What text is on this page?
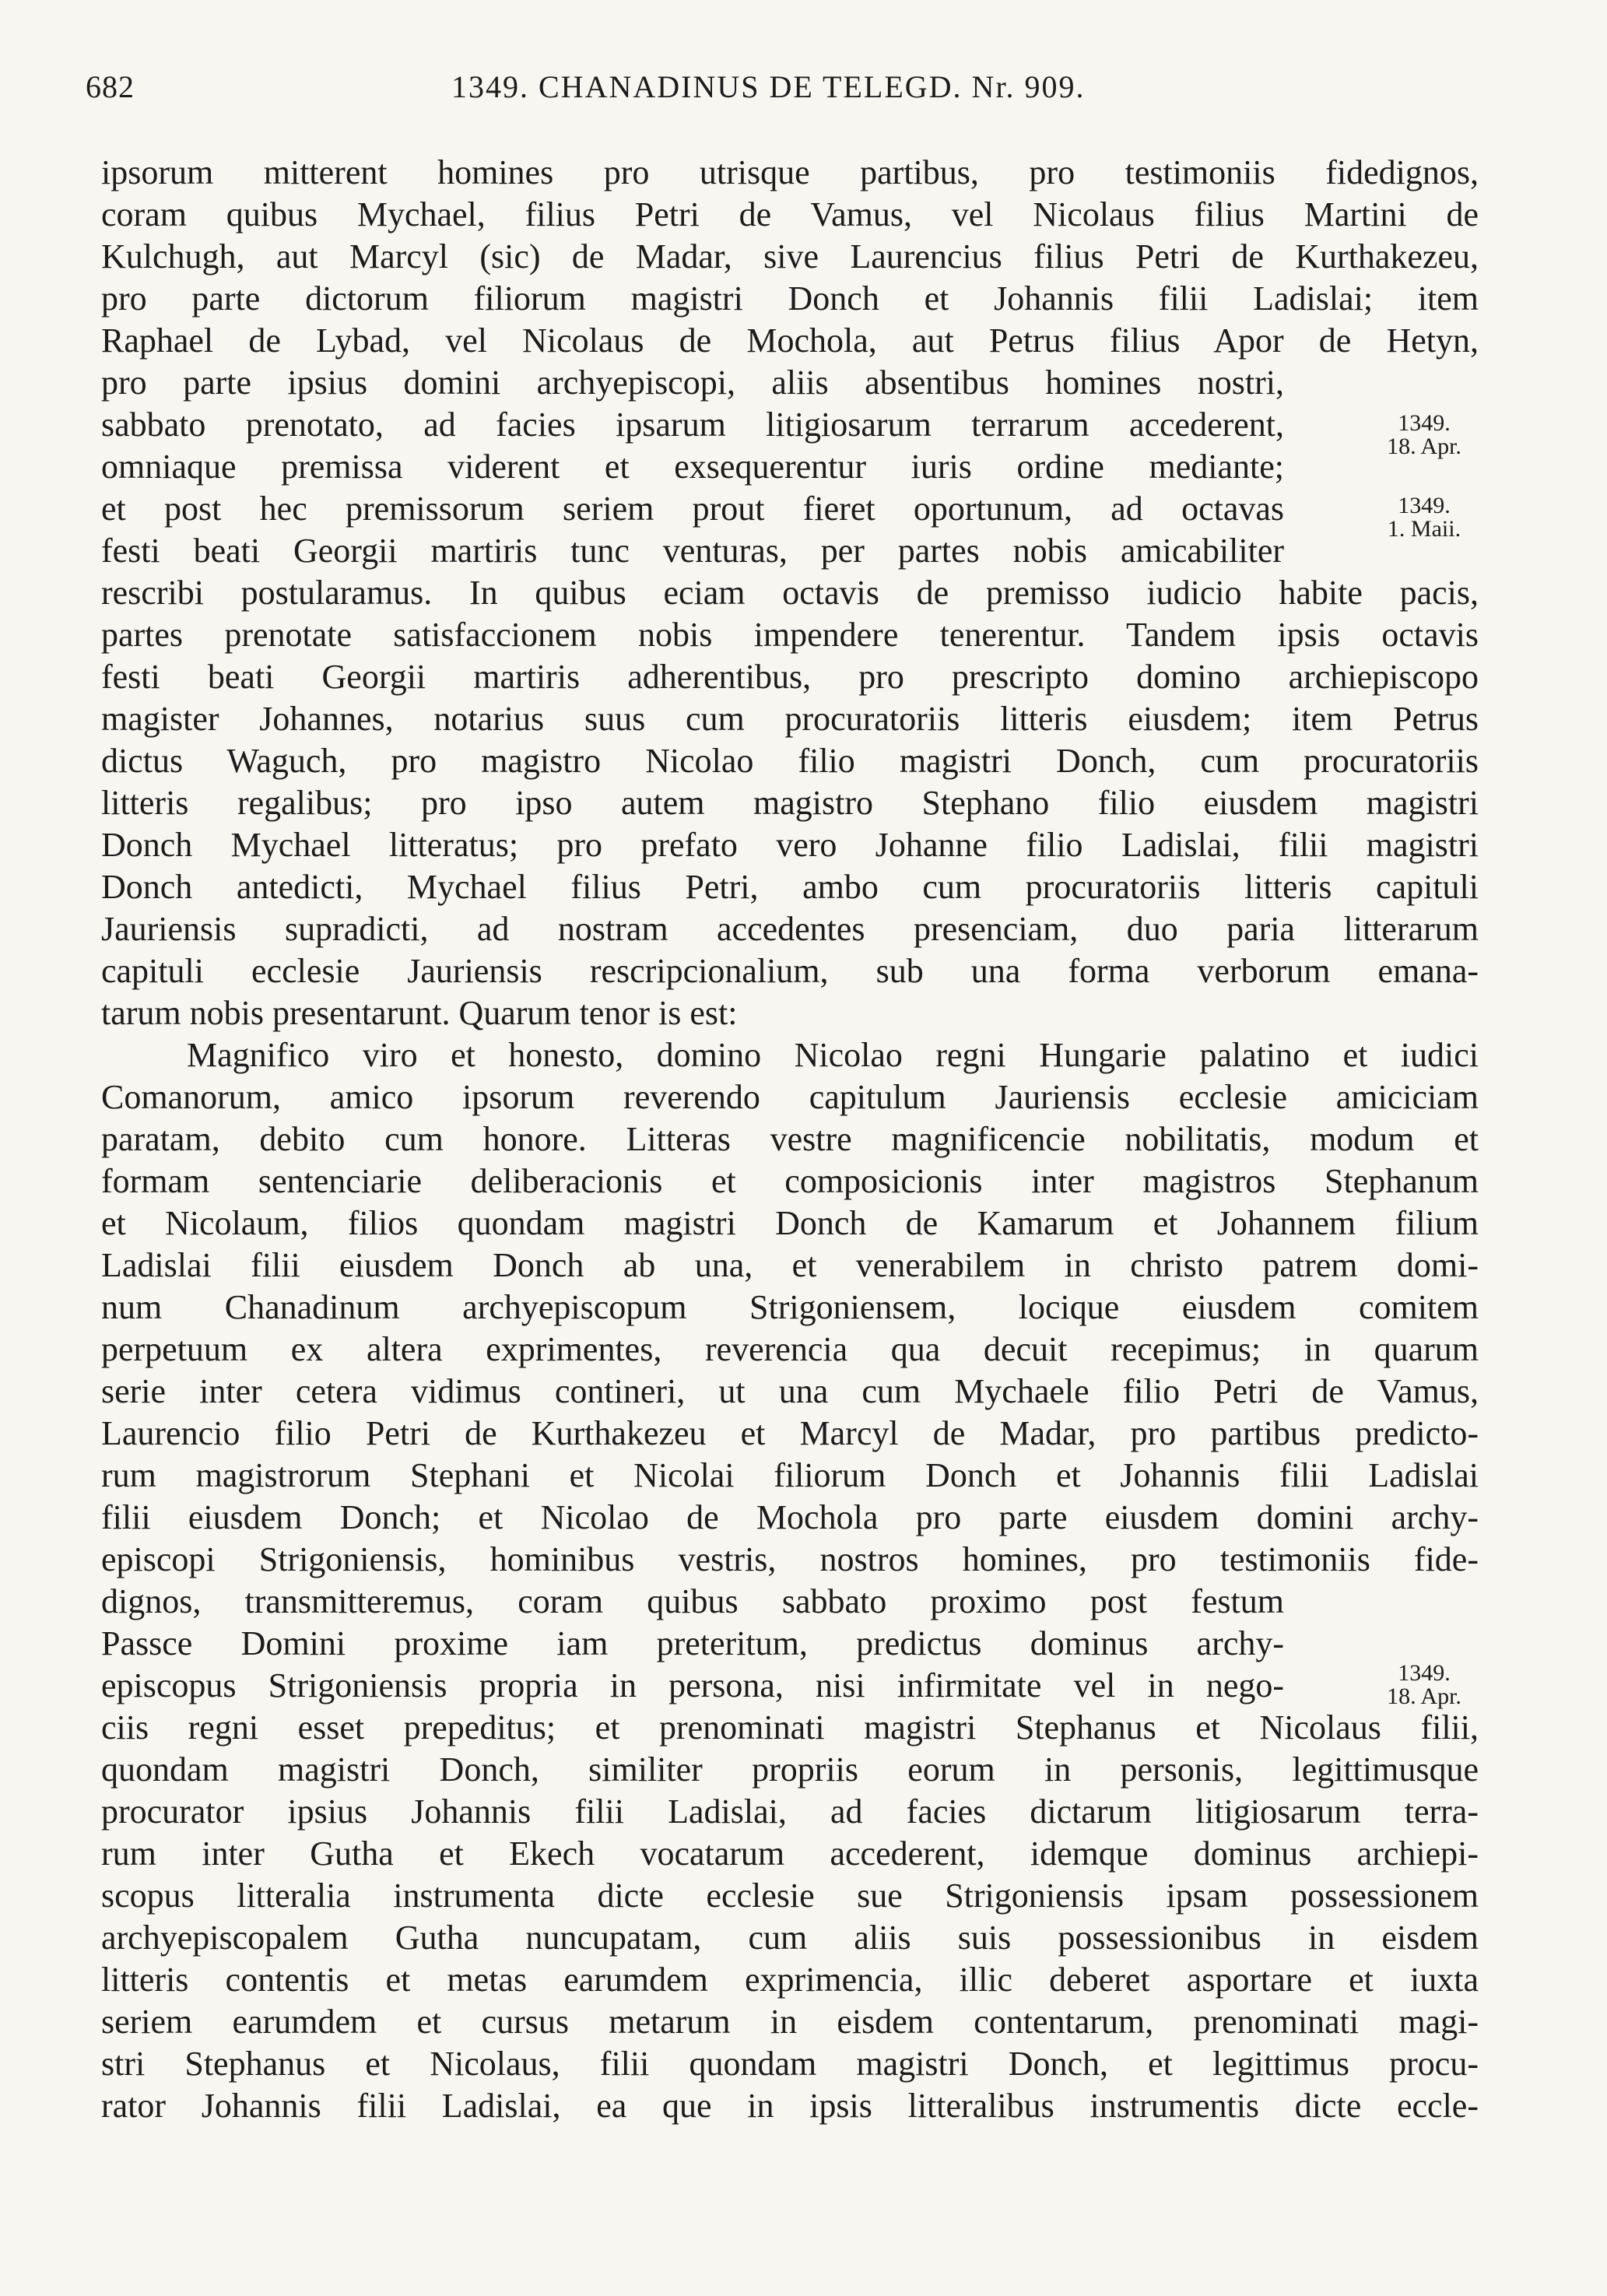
682	1349. CHANADINUS DE TELEGD. Nr. 909.
ipsorum mitterent homines pro utrisque partibus, pro testimoniis fidedignos,
coram quibus Mychael, filius Petri de Vamus, vel Nicolaus filius Martini de
Kulchugh, aut Marcyl (sic) de Madar, sive Laurencius filius Petri de Kurthakezeu,
pro parte dictorum filiorum magistri Donch et Johannis filii Ladislai; item
Raphael de Lybad, vel Nicolaus de Mochola, aut Petrus filius Apor de Hetyn,
pro parte ipsius domini archyepiscopi, aliis absentibus homines nostri,
sabbato prenotato, ad facies ipsarum litigiosarum terrarum accederent,
omniaque premissa viderent et exsequerentur iuris ordine mediante;
et post hec premissorum seriem prout fieret oportunum, ad octavas
festi beati Georgii martiris tunc venturas, per partes nobis amicabiliter
rescribi postularamus. In quibus eciam octavis de premisso iudicio habite pacis,
partes prenotate satisfaccionem nobis impendere tenerentur. Tandem ipsis octavis
festi beati Georgii martiris adherentibus, pro prescripto domino archiepiscopo
magister Johannes, notarius suus cum procuratoriis litteris eiusdem; item Petrus
dictus Waguch, pro magistro Nicolao filio magistri Donch, cum procuratoriis
litteris regalibus; pro ipso autem magistro Stephano filio eiusdem magistri
Donch Mychael litteratus; pro prefato vero Johanne filio Ladislai, filii magistri
Donch antedicti, Mychael filius Petri, ambo cum procuratoriis litteris capituli
Jauriensis supradicti, ad nostram accedentes presenciam, duo paria litterarum
capituli ecclesie Jauriensis rescripcionalium, sub una forma verborum emana-
tarum nobis presentarunt. Quarum tenor is est:
Magnifico viro et honesto, domino Nicolao regni Hungarie palatino et iudici
Comanorum, amico ipsorum reverendo capitulum Jauriensis ecclesie amiciciam
paratam, debito cum honore. Litteras vestre magnificencie nobilitatis, modum et
formam sentenciarie deliberacionis et composicionis inter magistros Stephanum
et Nicolaum, filios quondam magistri Donch de Kamarum et Johannem filium
Ladislai filii eiusdem Donch ab una, et venerabilem in christo patrem domi-
num Chanadinum archyepiscopum Strigoniensem, locique eiusdem comitem
perpetuum ex altera exprimentes, reverencia qua decuit recepimus; in quarum
serie inter cetera vidimus contineri, ut una cum Mychaele filio Petri de Vamus,
Laurencio filio Petri de Kurthakezeu et Marcyl de Madar, pro partibus predicto-
rum magistrorum Stephani et Nicolai filiorum Donch et Johannis filii Ladislai
filii eiusdem Donch; et Nicolao de Mochola pro parte eiusdem domini archy-
episcopi Strigoniensis, hominibus vestris, nostros homines, pro testimoniis fide-
dignos, transmitteremus, coram quibus sabbato proximo post festum
Passce Domini proxime iam preteritum, predictus dominus archy-
episcopus Strigoniensis propria in persona, nisi infirmitate vel in nego-
ciis regni esset prepeditus; et prenominati magistri Stephanus et Nicolaus filii,
quondam magistri Donch, similiter propriis eorum in personis, legittimusque
procurator ipsius Johannis filii Ladislai, ad facies dictarum litigiosarum terra-
rum inter Gutha et Ekech vocatarum accederent, idemque dominus archiepi-
scopus litteralia instrumenta dicte ecclesie sue Strigoniensis ipsam possessionem
archyepiscopalem Gutha nuncupatam, cum aliis suis possessionibus in eisdem
litteris contentis et metas earumdem exprimencia, illic deberet asportare et iuxta
seriem earumdem et cursus metarum in eisdem contentarum, prenominati magi-
stri Stephanus et Nicolaus, filii quondam magistri Donch, et legittimus procu-
rator Johannis filii Ladislai, ea que in ipsis litteralibus instrumentis dicte eccle-
1349.
18. Apr.
1349.
1. Maii.
1349.
18. Apr.
